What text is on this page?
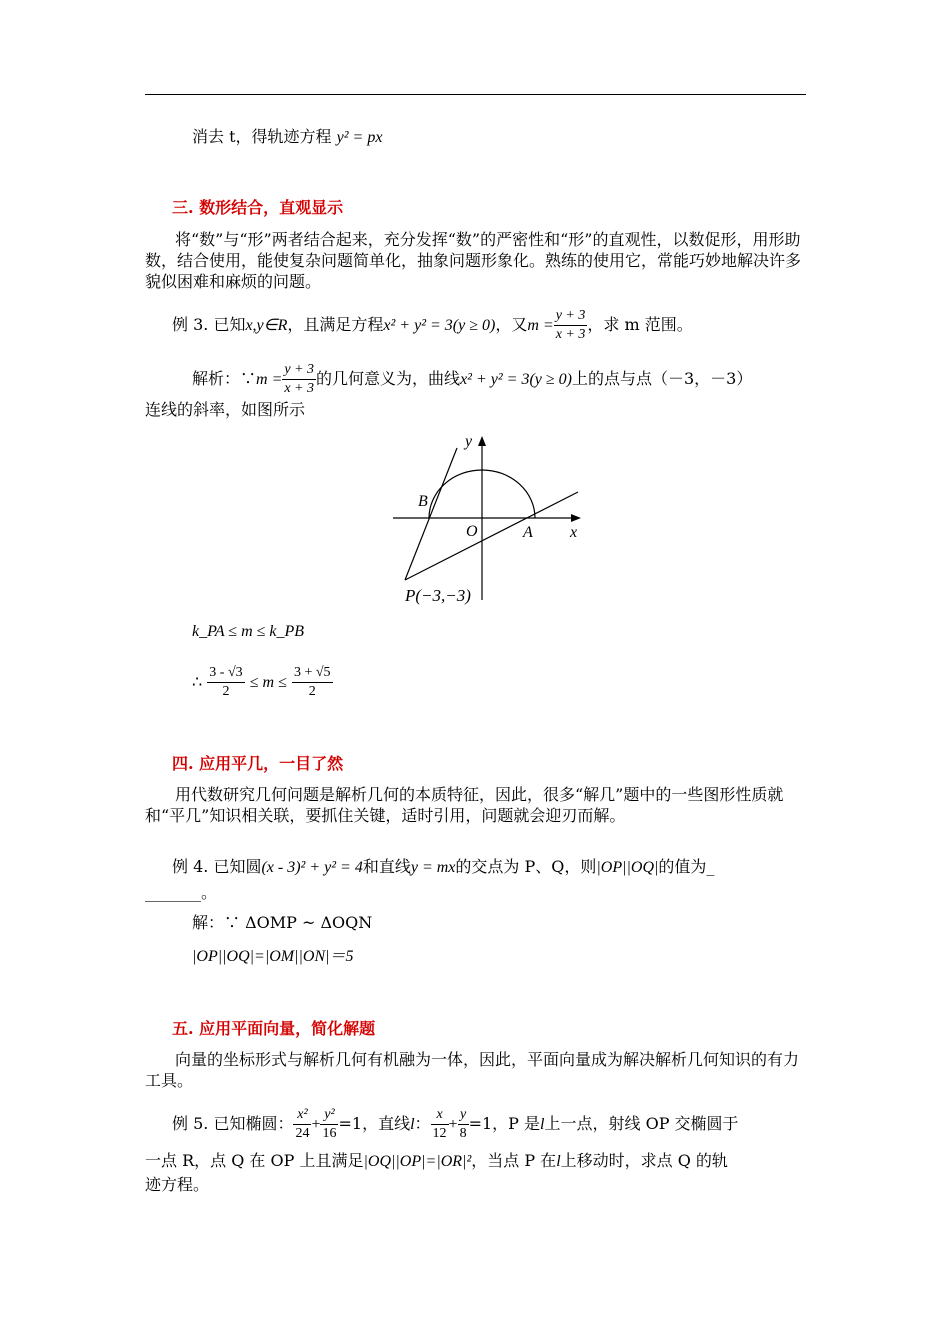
消去 t，得轨迹方程 y² = px
三. 数形结合，直观显示
将“数”与“形”两者结合起来，充分发挥“数”的严密性和“形”的直观性，以数促形，用形助数，结合使用，能使复杂问题简单化，抽象问题形象化。熟练的使用它，常能巧妙地解决许多貌似困难和麻烦的问题。
例 3. 已知x,y∈R，且满足方程x² + y² = 3(y ≥ 0)，又$m = \frac{y + 3}{x + 3}$ ，求 m 范围。
解析：∵m = $\frac{y + 3}{x + 3}$ 的几何意义为，曲线x² + y² = 3(y ≥ 0)上的点与点（－3，－3）
连线的斜率，如图所示
y
x
B
O	A
P(−3,−3)
k_PA ≤ m ≤ k_PB
∴ $\frac{3 - √3}{2} \le m \le \frac{3 + √5}{2}$
四. 应用平几，一目了然
用代数研究几何问题是解析几何的本质特征，因此，很多“解几”题中的一些图形性质就和“平几”知识相关联，要抓住关键，适时引用，问题就会迎刃而解。
例 4. 已知圆(x - 3)² + y² = 4和直线y = mx的交点为 P、Q，则|OP||OQ|的值为_
_______。
解：∵ ΔOMP ~ ΔOQN
|OP||OQ|=|OM||ON|＝5
五. 应用平面向量，简化解题
向量的坐标形式与解析几何有机融为一体，因此，平面向量成为解决解析几何知识的有力工具。
例 5. 已知椭圆： $\frac{\text{x²}}{24} + \frac{\text{y²}}{16} =1$，直线l： $\frac{x}{12} + \frac{y}{8} =1$，P 是l上一点，射线 OP 交椭圆于
一点 R，点 Q 在 OP 上且满足|OQ||OP|=|OR|²，当点 P 在l上移动时，求点 Q 的轨
迹方程。
